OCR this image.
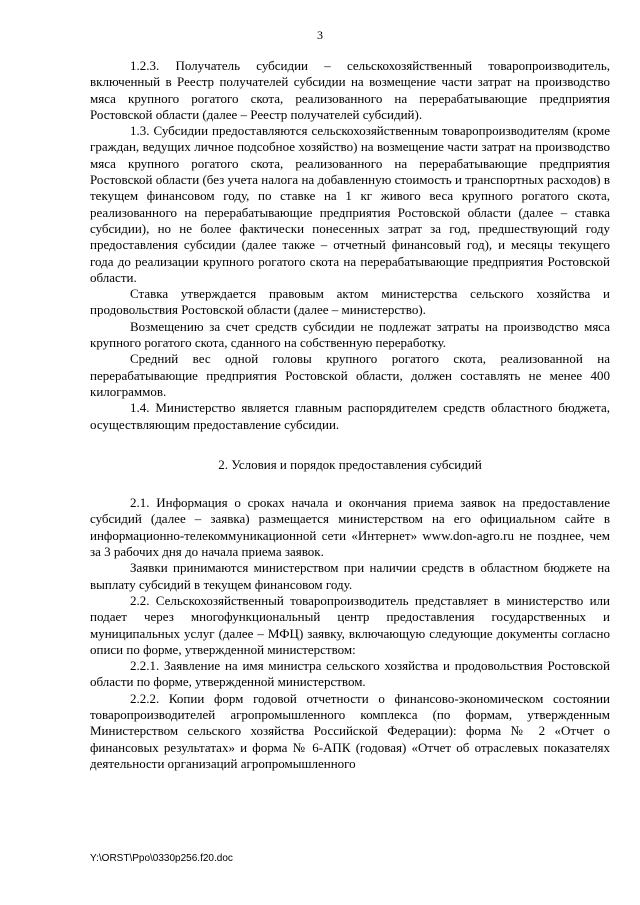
3

1.2.3. Получатель субсидии – сельскохозяйственный товаропроизводитель, включенный в Реестр получателей субсидии на возмещение части затрат на производство мяса крупного рогатого скота, реализованного на перерабатывающие предприятия Ростовской области (далее – Реестр получателей субсидий).

1.3. Субсидии предоставляются сельскохозяйственным товаропроизводителям (кроме граждан, ведущих личное подсобное хозяйство) на возмещение части затрат на производство мяса крупного рогатого скота, реализованного на перерабатывающие предприятия Ростовской области (без учета налога на добавленную стоимость и транспортных расходов) в текущем финансовом году, по ставке на 1 кг живого веса крупного рогатого скота, реализованного на перерабатывающие предприятия Ростовской области (далее – ставка субсидии), но не более фактически понесенных затрат за год, предшествующий году предоставления субсидии (далее также – отчетный финансовый год), и месяцы текущего года до реализации крупного рогатого скота на перерабатывающие предприятия Ростовской области.

Ставка утверждается правовым актом министерства сельского хозяйства и продовольствия Ростовской области (далее – министерство).

Возмещению за счет средств субсидии не подлежат затраты на производство мяса крупного рогатого скота, сданного на собственную переработку.

Средний вес одной головы крупного рогатого скота, реализованной на перерабатывающие предприятия Ростовской области, должен составлять не менее 400 килограммов.

1.4. Министерство является главным распорядителем средств областного бюджета, осуществляющим предоставление субсидии.

2. Условия и порядок предоставления субсидий

2.1. Информация о сроках начала и окончания приема заявок на предоставление субсидий (далее – заявка) размещается министерством на его официальном сайте в информационно-телекоммуникационной сети «Интернет» www.don-agro.ru не позднее, чем за 3 рабочих дня до начала приема заявок.

Заявки принимаются министерством при наличии средств в областном бюджете на выплату субсидий в текущем финансовом году.

2.2. Сельскохозяйственный товаропроизводитель представляет в министерство или подает через многофункциональный центр предоставления государственных и муниципальных услуг (далее – МФЦ) заявку, включающую следующие документы согласно описи по форме, утвержденной министерством:

2.2.1. Заявление на имя министра сельского хозяйства и продовольствия Ростовской области по форме, утвержденной министерством.

2.2.2. Копии форм годовой отчетности о финансово-экономическом состоянии товаропроизводителей агропромышленного комплекса (по формам, утвержденным Министерством сельского хозяйства Российской Федерации): форма № 2 «Отчет о финансовых результатах» и форма № 6-АПК (годовая) «Отчет об отраслевых показателях деятельности организаций агропромышленного

Y:\ORST\Ppo\0330p256.f20.doc
